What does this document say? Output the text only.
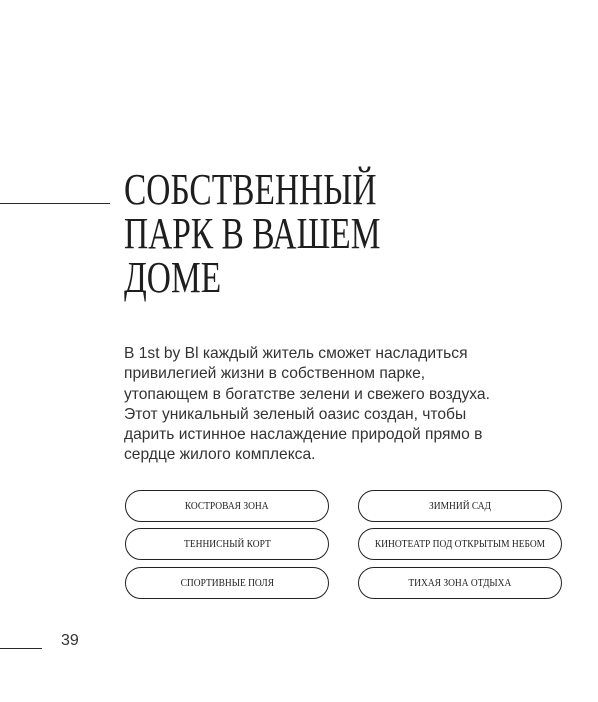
СОБСТВЕННЫЙ
ПАРК В ВАШЕМ
ДОМЕ

В 1st by Bl каждый житель сможет насладиться привилегией жизни в собственном парке, утопающем в богатстве зелени и свежего воздуха. Этот уникальный зеленый оазис создан, чтобы дарить истинное наслаждение природой прямо в сердце жилого комплекса.

КОСТРОВАЯ ЗОНА
ТЕННИСНЫЙ КОРТ
СПОРТИВНЫЕ ПОЛЯ
ЗИМНИЙ САД
КИНОТЕАТР ПОД ОТКРЫТЫМ НЕБОМ
ТИХАЯ ЗОНА ОТДЫХА
39
